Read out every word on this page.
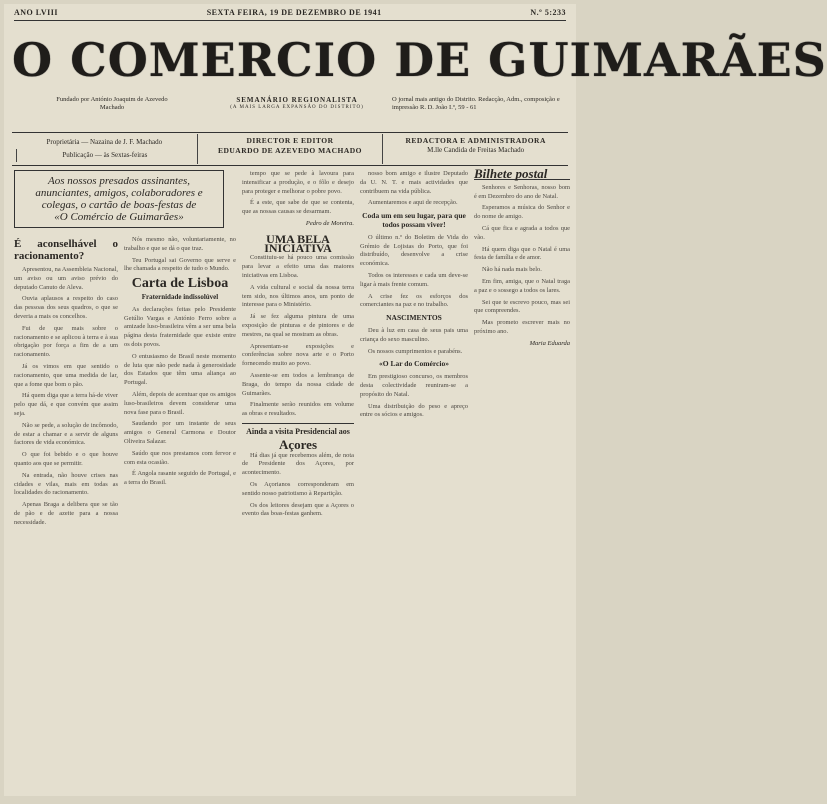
ANO LVIII	SEXTA FEIRA, 19 DE DEZEMBRO DE 1941	N.º 5:233
O COMERCIO DE GUIMARÃES
Fundado por António Joaquim de Azevedo Machado
SEMANÁRIO REGIONALISTA
(A MAIS LARGA EXPANSÃO DO DISTRITO)
O jornal mais antigo do Distrito. Redacção, Adm., composição e impressão R. D. João I.º, 59 - 61
Proprietária — Nazaina de J. F. Machado
Publicação — às Sextas-feiras
DIRECTOR E EDITOR
EDUARDO DE AZEVEDO MACHADO
REDACTORA E ADMINISTRADORA
M.lle Candida de Freitas Machado
Aos nossos presados assinantes, anunciantes, amigos, colaboradores e colegas, o cartão de boas-festas de
«O Comércio de Guimarães»
É aconselhável o racionamento?

Apresentou, na Assembleia Nacional, um aviso ou um aviso prévio do deputado Canuto de Aleva.

Ouvia aplausos a respeito do caso das pessoas dos seus quadros, o que se deveria a mais os concelhos.

Fui de que mais sobre o racionamento e se aplicou à terra e à sua obrigação por força a fim de a um racionamento.

Já os vimos em que sentido o racionamento, que uma medida de lar, que a fome que bom o pão.

Há quem diga que a terra há-de viver pelo que dá, e que convém que assim seja.

Não se pede, a solução de incômodo, de estar a chamar e a servir de alguns factores de vida económica.

O que foi bebido e o que houve quanto aos que se permitir.

Na entrada, não houve crises nas cidades e vilas, mais em todas as localidades do racionamento.

Apenas Braga a delibera que se tão de pão e de azeite para a nossa necessidade.

Nós mesmo não, voluntariamente, no trabalho e que se dá o que traz.

Teu Portugal sai Governo que serve e lhe chamada a respeito de tudo o Mundo.

Carta de Lisboa
Fraternidade indissolúvel

As declarações feitas pelo Presidente Getúlio Vargas e António Ferro sobre a amizade luso-brasileira vêm a ser uma bela página desta fraternidade que existe entre os dois povos.

O entusiasmo de Brasil neste momento de luta que não pede nada à generosidade dos Estados que têm uma aliança ao Portugal.

Além, depois de acentuar que os amigos luso-brasileiros devem considerar uma nova fase para o Brasil.

Saudando por um instante de seus amigos o General Carmona e Doutor Oliveira Salazar.

Saúdo que nos prestamos com fervor e com esta ocasião.

É Angola rasante seguido de Portugal, e a terra do Brasil.

tempo que se pede à lavoura para intensificar a produção, e o fôlo e desejo para proteger e melhorar o pobre povo.

É a este, que sabe de que se contenta, que as nossas causas se desarmam.

Pedro de Moreira.
UMA BELA INICIATIVA

Constituiu-se há pouco uma comissão para levar a efeito uma das maiores iniciativas em Lisboa.

A vida cultural e social da nossa terra tem sido, nos últimos anos, um ponto de interesse para o Ministério.

Já se fez alguma pintura de uma exposição de pinturas e de pintores e de mestres, na qual se mostram as obras.

Apresentam-se exposições e conferências sobre nova arte e o Porto fornecendo muito ao povo.

Assente-se em todos a lembrança de Braga, do tempo da nossa cidade de Guimarães.

Finalmente serão reunidos em volume as obras e resultados.

Ainda a visita Presidencial aos
Açores

Há dias já que recebemos além, de nota de Presidente dos Açores, por acontecimento.

Os Açorianos corresponderam em sentido nosso patriotismo à Repartição.

Os dos leitores desejam que a Açores o evento das boas-festas ganhem.

nosso bom amigo e ilustre Deputado da U. N. T. e mais actividades que contribuem na vida pública.

Aumentaremos e aqui de recepção.

Coda um em seu lugar, para que todos possam viver!

O último n.º do Boletim de Vida do Grémio de Lojistas do Porto, que foi distribuído, desenvolve a crise económica.

Todos os interesses e cada um deve-se ligar à mais frente comum.

A crise fez os esforços dos comerciantes na paz e no trabalho.

NASCIMENTOS

Deu à luz em casa de seus pais uma criança do sexo masculino.

Os nossos cumprimentos e parabéns.

«O Lar do Comércio»

Em prestigioso concurso, os membros desta colectividade reuniram-se a propósito do Natal.

Uma distribuição do peso e apreço entre os sócios e amigos.

Bilhete postal

Senhores e Senhoras, nosso bom é em Dezembro do ano de Natal.

Esperamos a música do Senhor e do nome de amigo.

Cá que fica e agrada a todos que vão.

Há quem diga que o Natal é uma festa de família e de amor.

Não há nada mais belo.

Em fim, amiga, que o Natal traga a paz e o sossego a todos os lares.

Sei que te escrevo pouco, mas sei que compreendes.

Mas prometo escrever mais no próximo ano.

Maria Eduarda
